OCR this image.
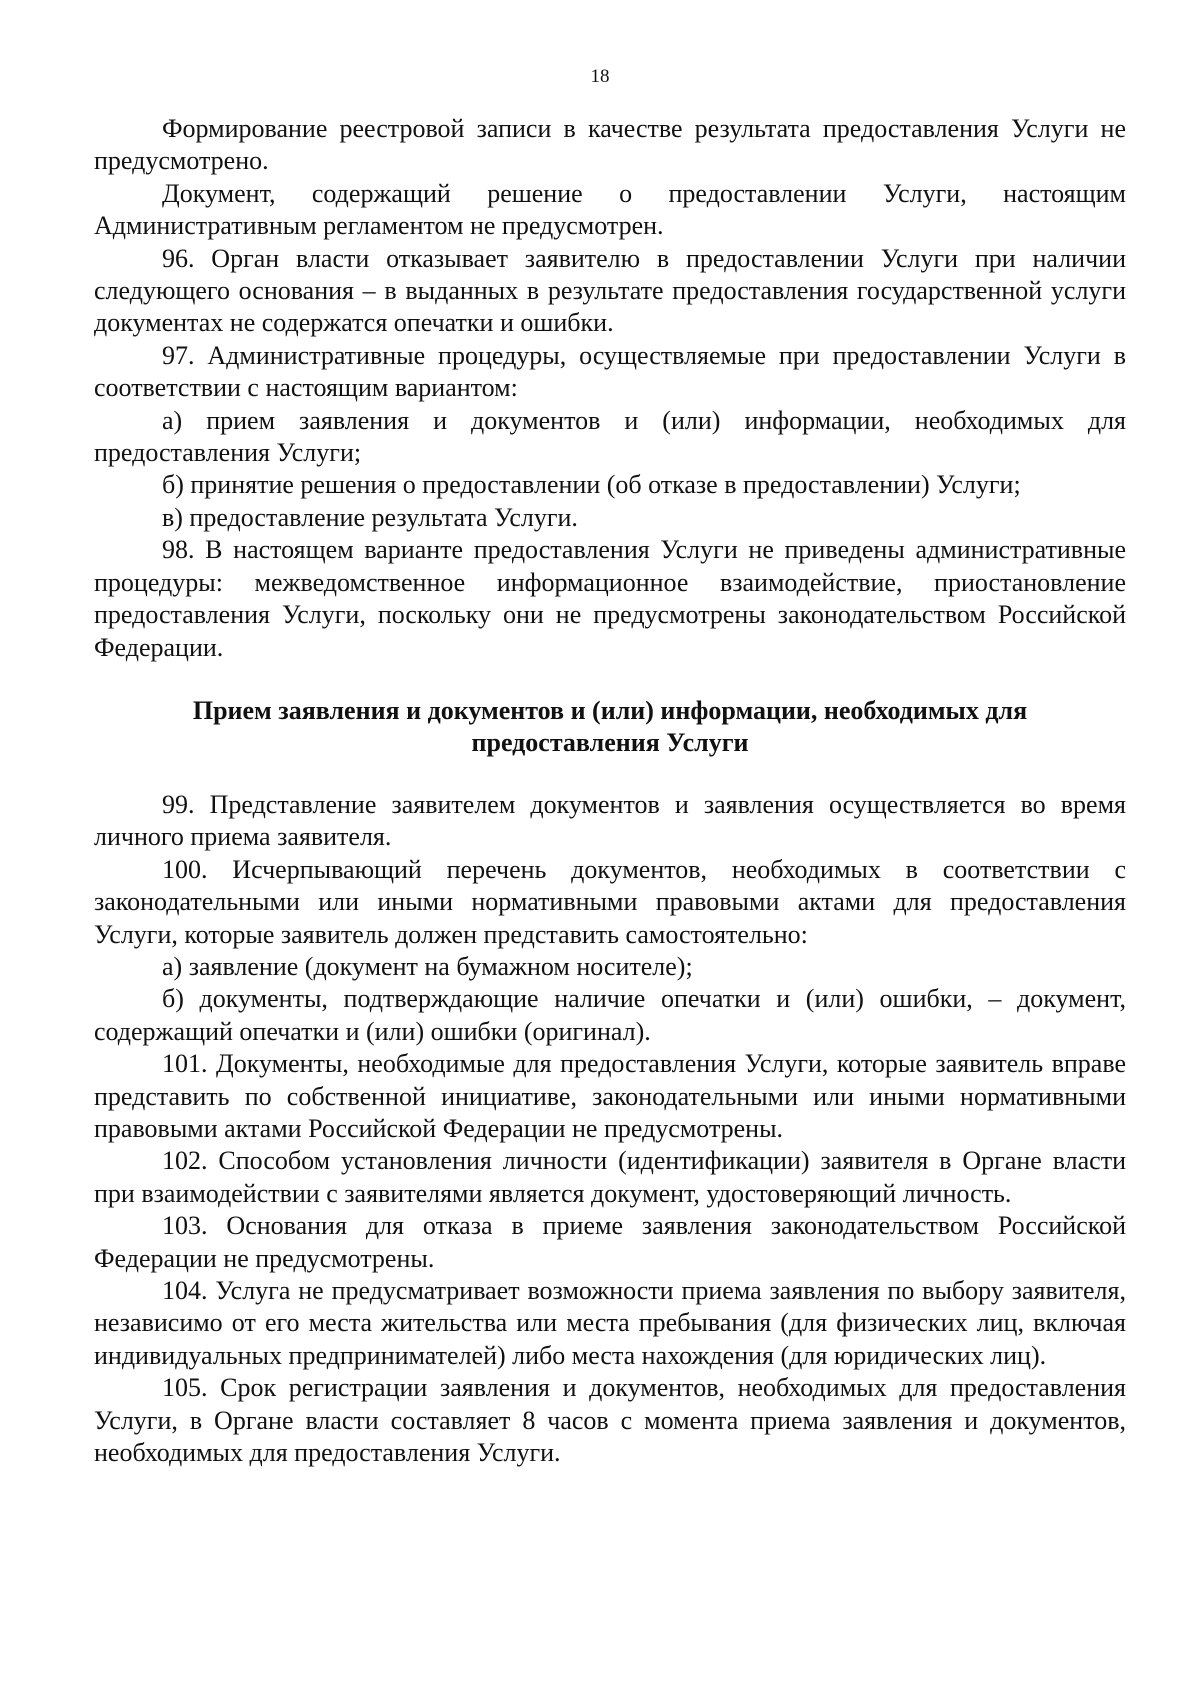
18

Формирование реестровой записи в качестве результата предоставления Услуги не предусмотрено.

Документ, содержащий решение о предоставлении Услуги, настоящим Административным регламентом не предусмотрен.

96. Орган власти отказывает заявителю в предоставлении Услуги при наличии следующего основания – в выданных в результате предоставления государственной услуги документах не содержатся опечатки и ошибки.

97. Административные процедуры, осуществляемые при предоставлении Услуги в соответствии с настоящим вариантом:

а) прием заявления и документов и (или) информации, необходимых для предоставления Услуги;

б) принятие решения о предоставлении (об отказе в предоставлении) Услуги;

в) предоставление результата Услуги.

98. В настоящем варианте предоставления Услуги не приведены административные процедуры: межведомственное информационное взаимодействие, приостановление предоставления Услуги, поскольку они не предусмотрены законодательством Российской Федерации.

Прием заявления и документов и (или) информации, необходимых для
предоставления Услуги

99. Представление заявителем документов и заявления осуществляется во время личного приема заявителя.

100. Исчерпывающий перечень документов, необходимых в соответствии с законодательными или иными нормативными правовыми актами для предоставления Услуги, которые заявитель должен представить самостоятельно:

а) заявление (документ на бумажном носителе);

б) документы, подтверждающие наличие опечатки и (или) ошибки, – документ, содержащий опечатки и (или) ошибки (оригинал).

101. Документы, необходимые для предоставления Услуги, которые заявитель вправе представить по собственной инициативе, законодательными или иными нормативными правовыми актами Российской Федерации не предусмотрены.

102. Способом установления личности (идентификации) заявителя в Органе власти при взаимодействии с заявителями является документ, удостоверяющий личность.

103. Основания для отказа в приеме заявления законодательством Российской Федерации не предусмотрены.

104. Услуга не предусматривает возможности приема заявления по выбору заявителя, независимо от его места жительства или места пребывания (для физических лиц, включая индивидуальных предпринимателей) либо места нахождения (для юридических лиц).

105. Срок регистрации заявления и документов, необходимых для предоставления Услуги, в Органе власти составляет 8 часов с момента приема заявления и документов, необходимых для предоставления Услуги.
